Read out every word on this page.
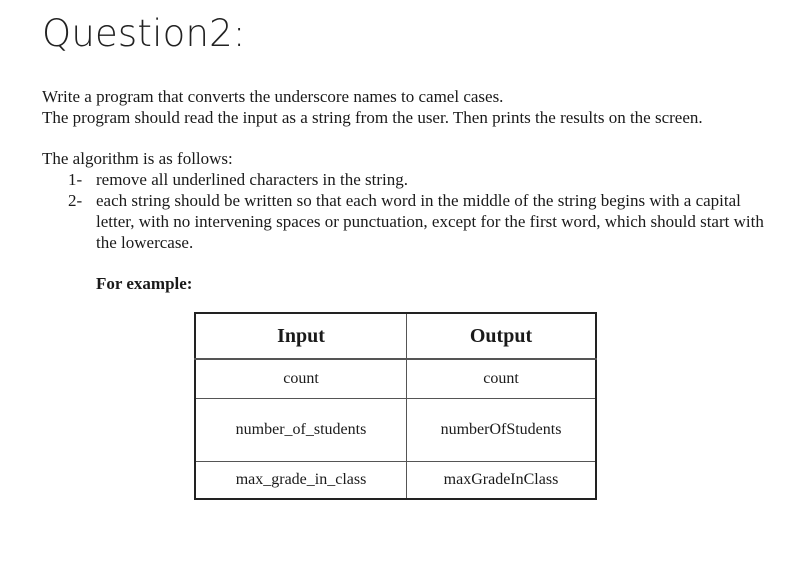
Question2:
Write a program that converts the underscore names to camel cases.
The program should read the input as a string from the user. Then prints the results on the screen.
The algorithm is as follows:
1- remove all underlined characters in the string.
2- each string should be written so that each word in the middle of the string begins with a capital letter, with no intervening spaces or punctuation, except for the first word, which should start with the lowercase.
For example:
Input	Output
count	count
number_of_students	numberOfStudents
max_grade_in_class	maxGradeInClass
